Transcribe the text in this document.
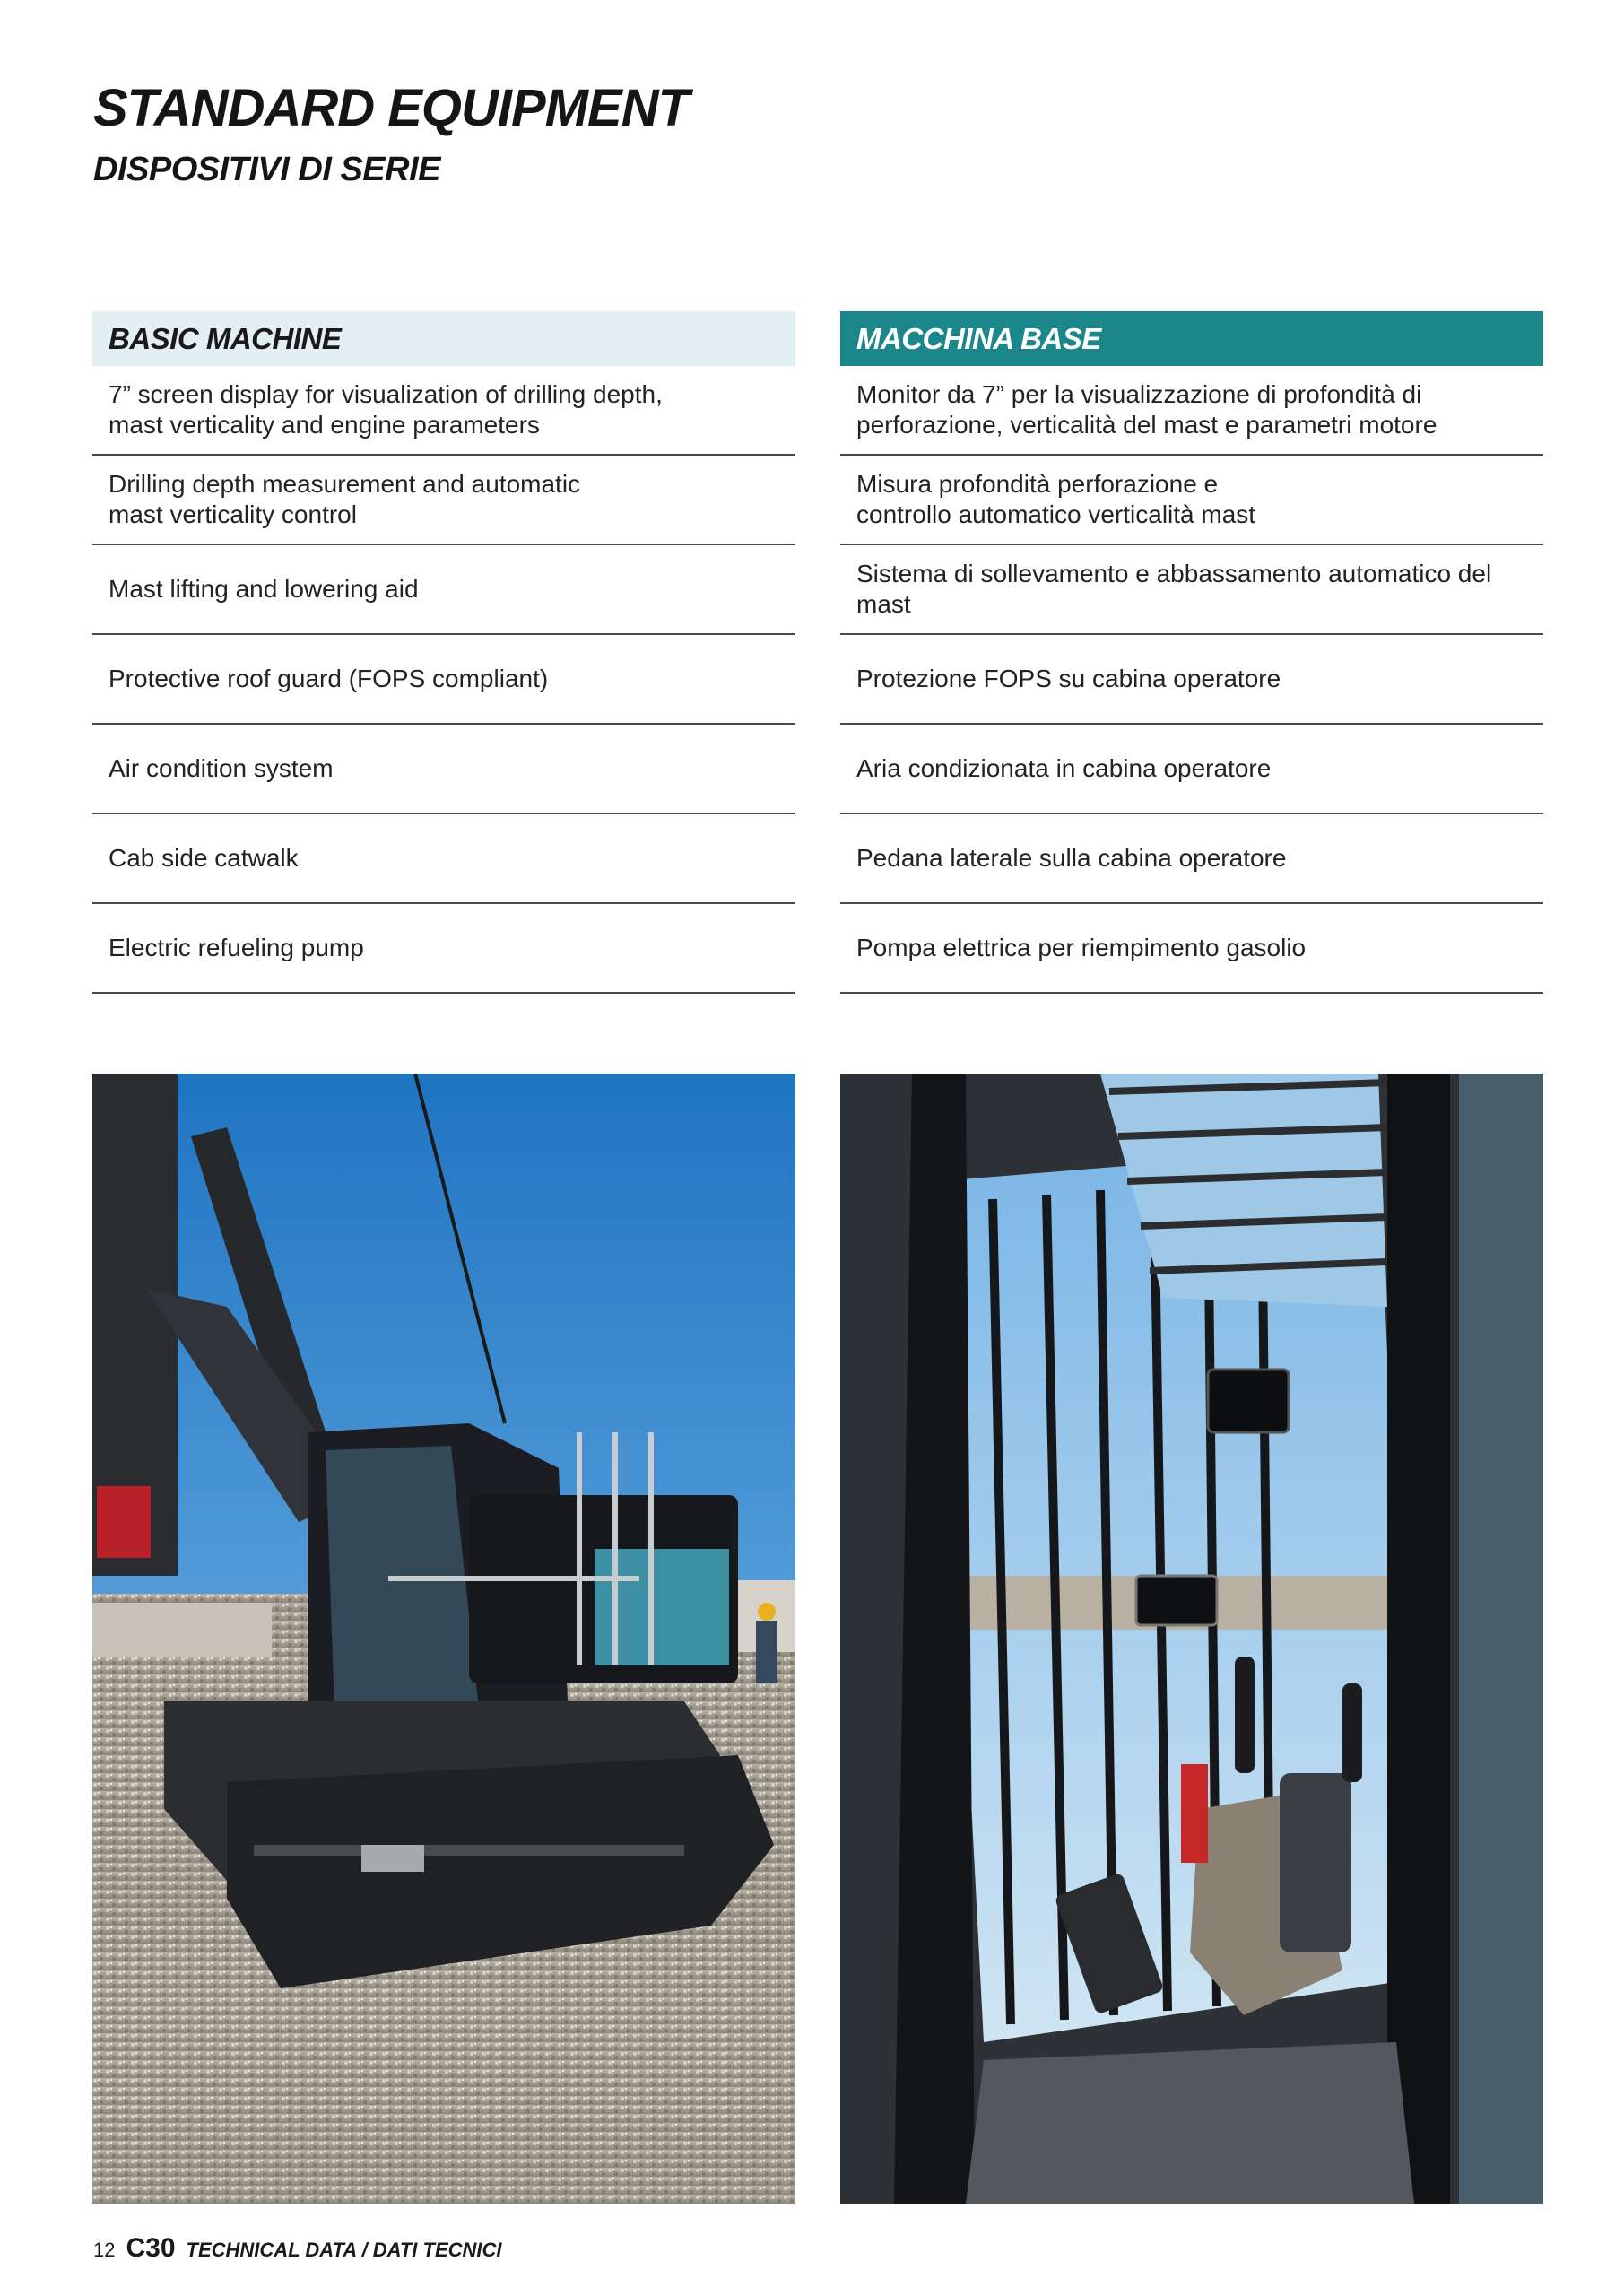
STANDARD EQUIPMENT
DISPOSITIVI DI SERIE
BASIC MACHINE
7” screen display for visualization of drilling depth,
mast verticality and engine parameters
Drilling depth measurement and automatic
mast verticality control
Mast lifting and lowering aid
Protective roof guard (FOPS compliant)
Air condition system
Cab side catwalk
Electric refueling pump
MACCHINA BASE
Monitor da 7” per la visualizzazione di profondità di
perforazione, verticalità del mast e parametri motore
Misura profondità perforazione e
controllo automatico verticalità mast
Sistema di sollevamento e abbassamento automatico del mast
Protezione FOPS su cabina operatore
Aria condizionata in cabina operatore
Pedana laterale sulla cabina operatore
Pompa elettrica per riempimento gasolio
12 C30 TECHNICAL DATA / DATI TECNICI
